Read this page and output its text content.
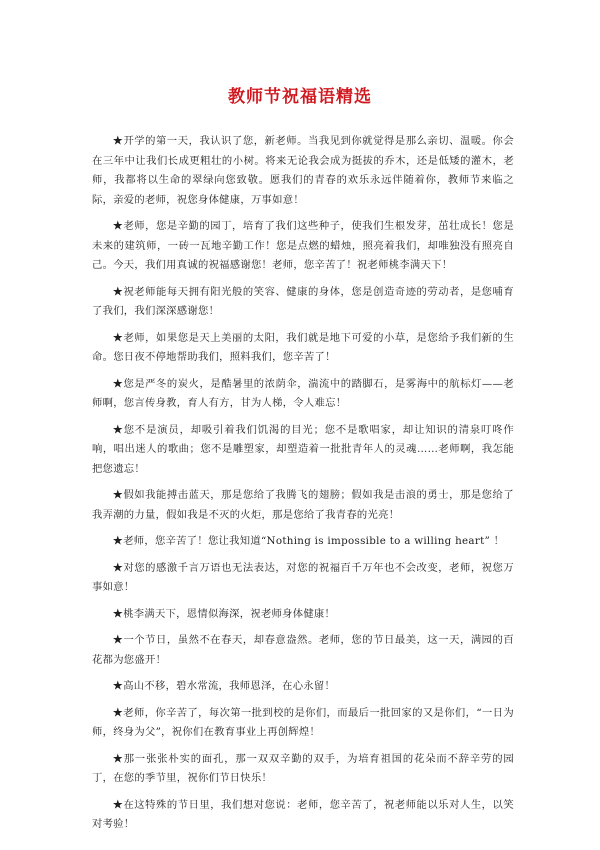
教师节祝福语精选

★开学的第一天，我认识了您，新老师。当我见到你就觉得是那么亲切、温暖。你会在三年中让我们长成更粗壮的小树。将来无论我会成为挺拔的乔木，还是低矮的灌木，老师，我都将以生命的翠绿向您致敬。愿我们的青春的欢乐永远伴随着你，教师节来临之际，亲爱的老师，祝您身体健康，万事如意！

★老师，您是辛勤的园丁，培育了我们这些种子，使我们生根发芽，茁壮成长！您是未来的建筑师，一砖一瓦地辛勤工作！您是点燃的蜡烛，照亮着我们，却唯独没有照亮自己。今天，我们用真诚的祝福感谢您！老师，您辛苦了！祝老师桃李满天下！

★祝老师能每天拥有阳光般的笑容、健康的身体，您是创造奇迹的劳动者，是您哺育了我们，我们深深感谢您！

★老师，如果您是天上美丽的太阳，我们就是地下可爱的小草，是您给予我们新的生命。您日夜不停地帮助我们，照料我们，您辛苦了！

★您是严冬的炭火，是酷暑里的浓荫伞，湍流中的踏脚石，是雾海中的航标灯——老师啊，您言传身教，育人有方，甘为人梯，令人难忘！

★您不是演员，却吸引着我们饥渴的目光；您不是歌唱家，却让知识的清泉叮咚作响，唱出迷人的歌曲；您不是雕塑家，却塑造着一批批青年人的灵魂……老师啊，我怎能把您遗忘！

★假如我能搏击蓝天，那是您给了我腾飞的翅膀；假如我是击浪的勇士，那是您给了我弄潮的力量，假如我是不灭的火炬，那是您给了我青春的光亮！

★老师，您辛苦了！您让我知道“Nothing is impossible to a willing heart” ！

★对您的感激千言万语也无法表达，对您的祝福百千万年也不会改变，老师，祝您万事如意！

★桃李满天下，恩情似海深，祝老师身体健康！

★一个节日，虽然不在春天，却春意盎然。老师，您的节日最美，这一天，满园的百花都为您盛开！

★高山不移，碧水常流，我师恩泽，在心永留！

★老师，你辛苦了，每次第一批到校的是你们，而最后一批回家的又是你们，“一日为师，终身为父”，祝你们在教育事业上再创辉煌！

★那一张张朴实的面孔，那一双双辛勤的双手，为培育祖国的花朵而不辞辛劳的园丁，在您的季节里，祝你们节日快乐！

★在这特殊的节日里，我们想对您说：老师，您辛苦了，祝老师能以乐对人生，以笑对考验！
